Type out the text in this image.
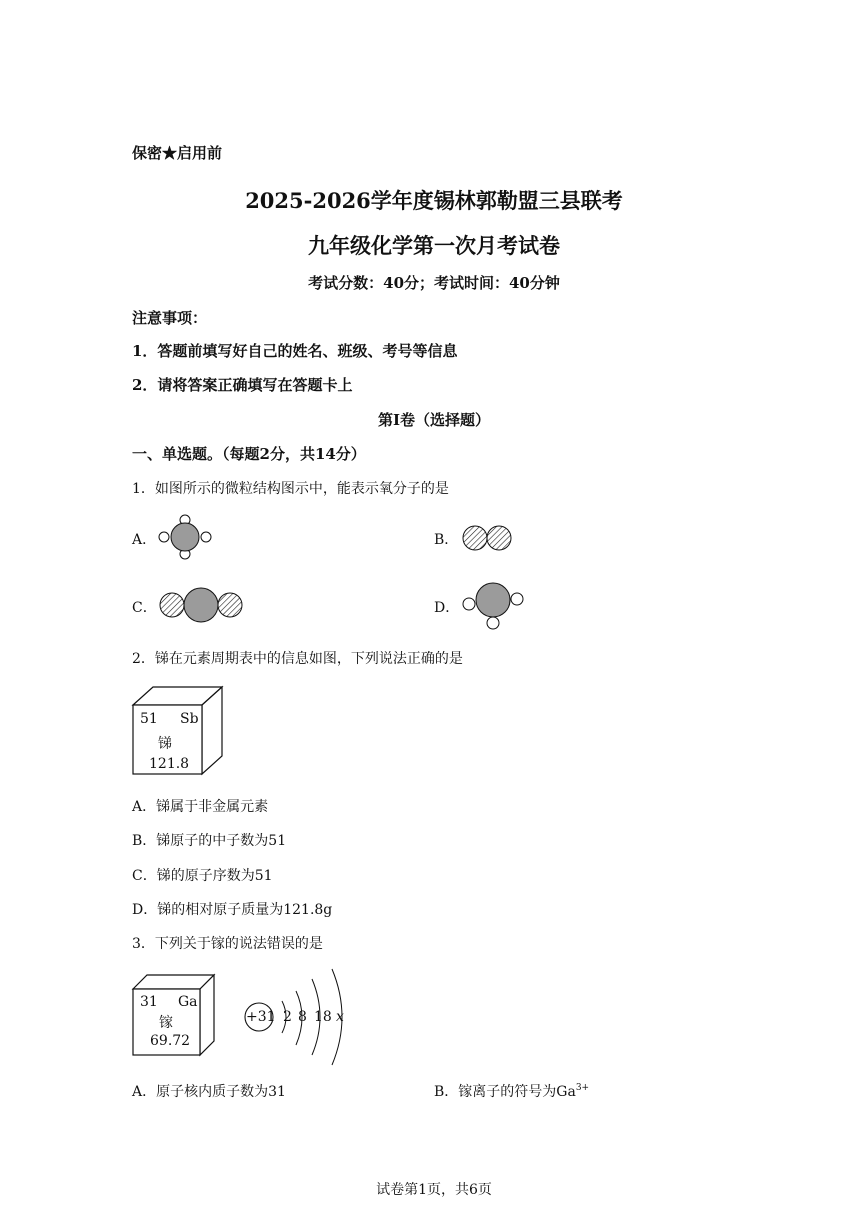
保密★启用前
2025-2026学年度锡林郭勒盟三县联考
九年级化学第一次月考试卷
考试分数：40分；考试时间：40分钟
注意事项：
1．答题前填写好自己的姓名、班级、考号等信息
2．请将答案正确填写在答题卡上
第I卷（选择题）
一、单选题。（每题2分，共14分）
1．如图所示的微粒结构图示中，能表示氧分子的是
A．	B．
C．	D．
2．锑在元素周期表中的信息如图，下列说法正确的是
51 Sb
锑
121.8
A．锑属于非金属元素
B．锑原子的中子数为51
C．锑的原子序数为51
D．锑的相对原子质量为121.8g
3．下列关于镓的说法错误的是
31 Ga
镓
69.72
+31 2 8 18 x
A．原子核内质子数为31	B．镓离子的符号为$Ga^{3+}$
试卷第1页，共6页
